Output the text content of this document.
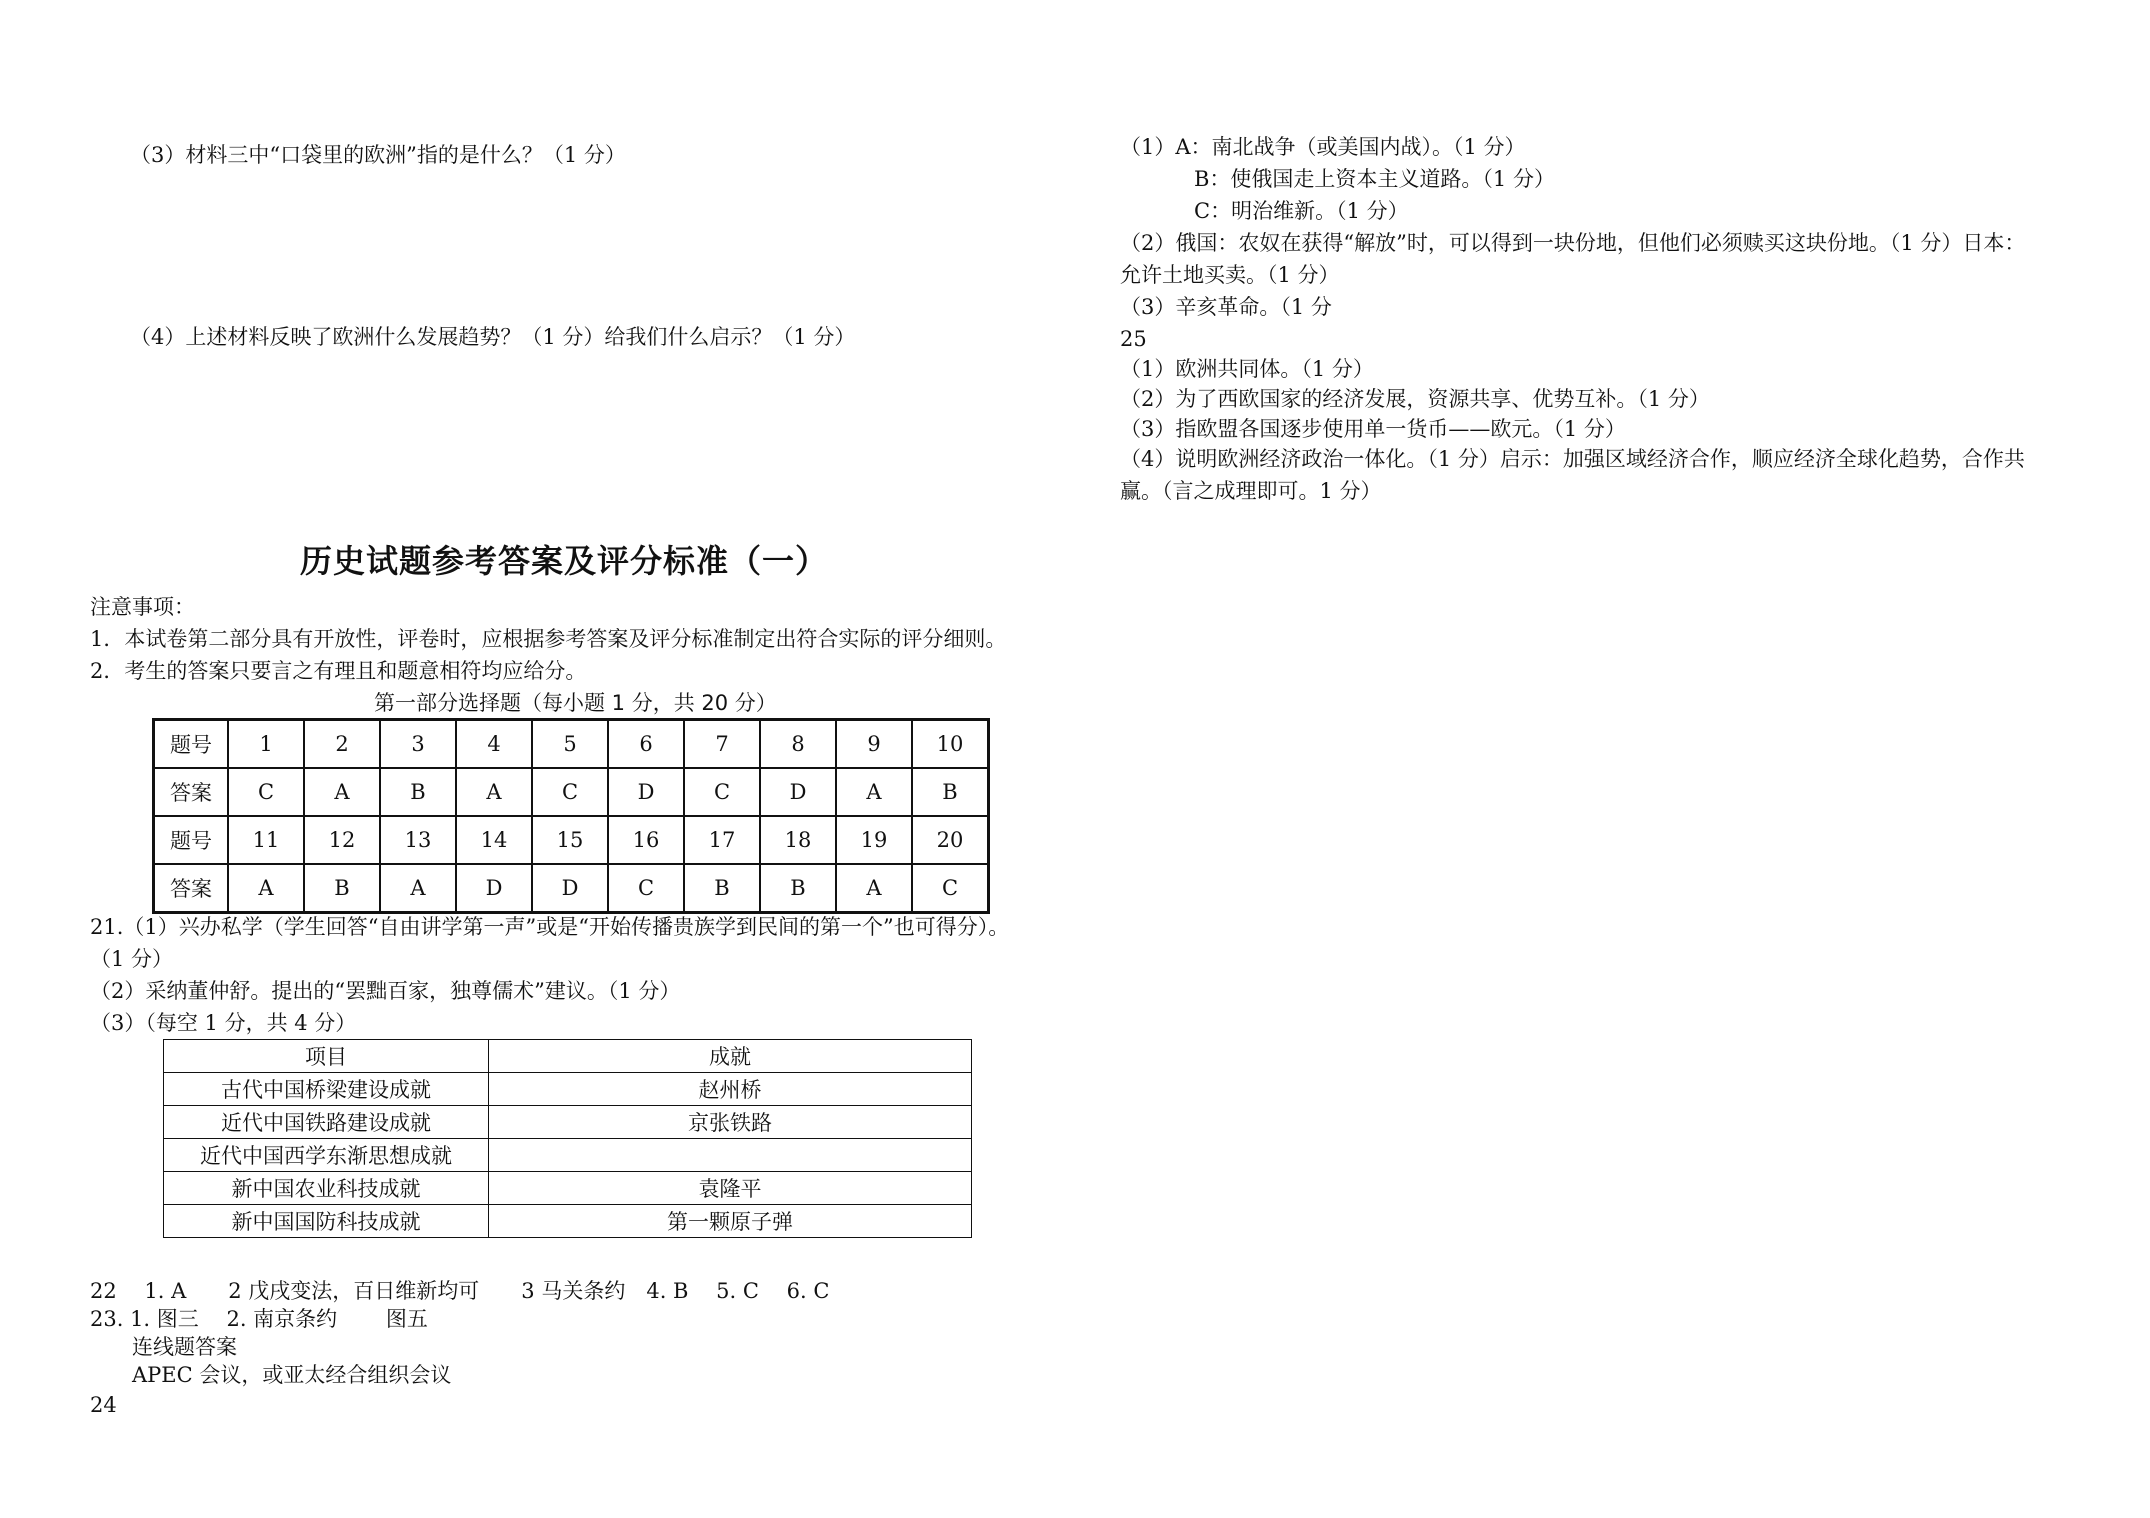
（3）材料三中“口袋里的欧洲”指的是什么？（1 分）
（4）上述材料反映了欧洲什么发展趋势？（1 分）给我们什么启示？（1 分）
历史试题参考答案及评分标准（一）
注意事项：
1．本试卷第二部分具有开放性，评卷时，应根据参考答案及评分标准制定出符合实际的评分细则。
2．考生的答案只要言之有理且和题意相符均应给分。
第一部分选择题（每小题 1 分，共 20 分）
题号	1	2	3	4	5	6	7	8	9	10
答案	C	A	B	A	C	D	C	D	A	B
题号	11	12	13	14	15	16	17	18	19	20
答案	A	B	A	D	D	C	B	B	A	C
21.（1）兴办私学（学生回答“自由讲学第一声”或是“开始传播贵族学到民间的第一个”也可得分）。
（1 分）
（2）采纳董仲舒。提出的“罢黜百家，独尊儒术”建议。（1 分）
（3）（每空 1 分，共 4 分）
项目	成就
古代中国桥梁建设成就	赵州桥
近代中国铁路建设成就	京张铁路
近代中国西学东渐思想成就	
新中国农业科技成就	袁隆平
新中国国防科技成就	第一颗原子弹
22　 1. A　　2 戊戌变法，百日维新均可　　3 马关条约　4. B　 5. C　 6. C
23. 1. 图三　 2. 南京条约　　 图五
连线题答案
APEC 会议，或亚太经合组织会议
24
（1）A：南北战争（或美国内战）。（1 分）
B：使俄国走上资本主义道路。（1 分）
C：明治维新。（1 分）
（2）俄国：农奴在获得“解放”时，可以得到一块份地，但他们必须赎买这块份地。（1 分）日本：
允许土地买卖。（1 分）
（3）辛亥革命。（1 分
25
（1）欧洲共同体。（1 分）
（2）为了西欧国家的经济发展，资源共享、优势互补。（1 分）
（3）指欧盟各国逐步使用单一货币——欧元。（1 分）
（4）说明欧洲经济政治一体化。（1 分）启示：加强区域经济合作，顺应经济全球化趋势，合作共
赢。（言之成理即可。1 分）
